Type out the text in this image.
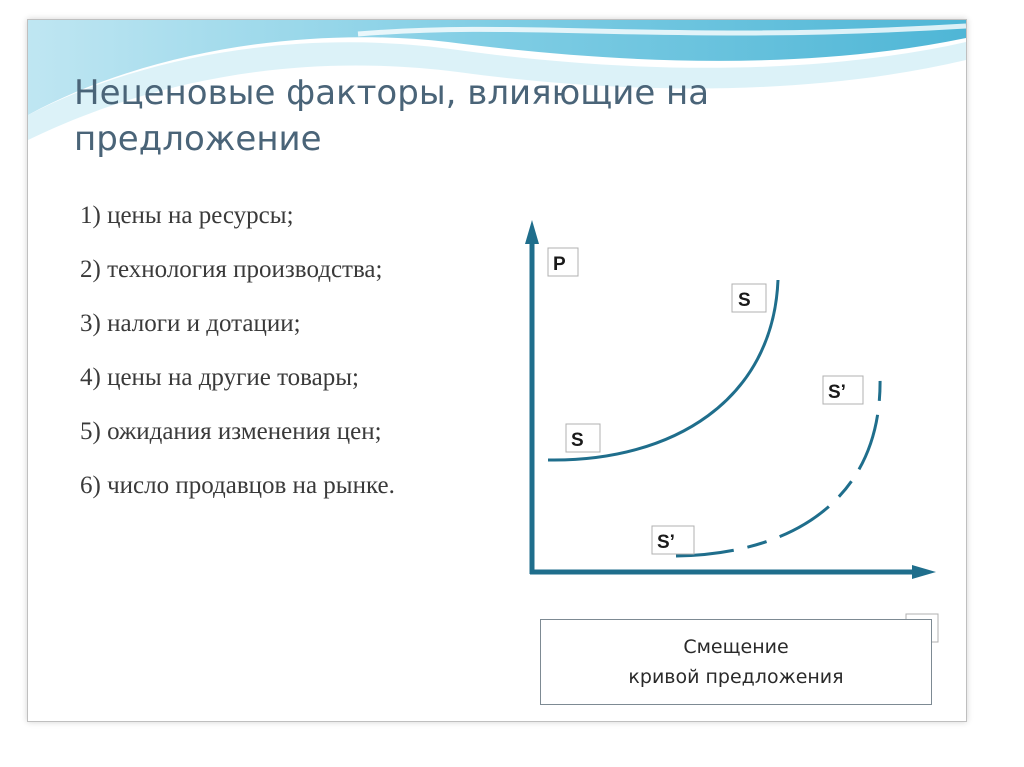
Неценовые факторы, влияющие на
предложение
1) цены на ресурсы;
2) технология производства;
3) налоги и дотации;
4) цены на другие товары;
5) ожидания изменения цен;
6) число продавцов на рынке.
P
S
S
S’
S’
Смещение
кривой предложения
